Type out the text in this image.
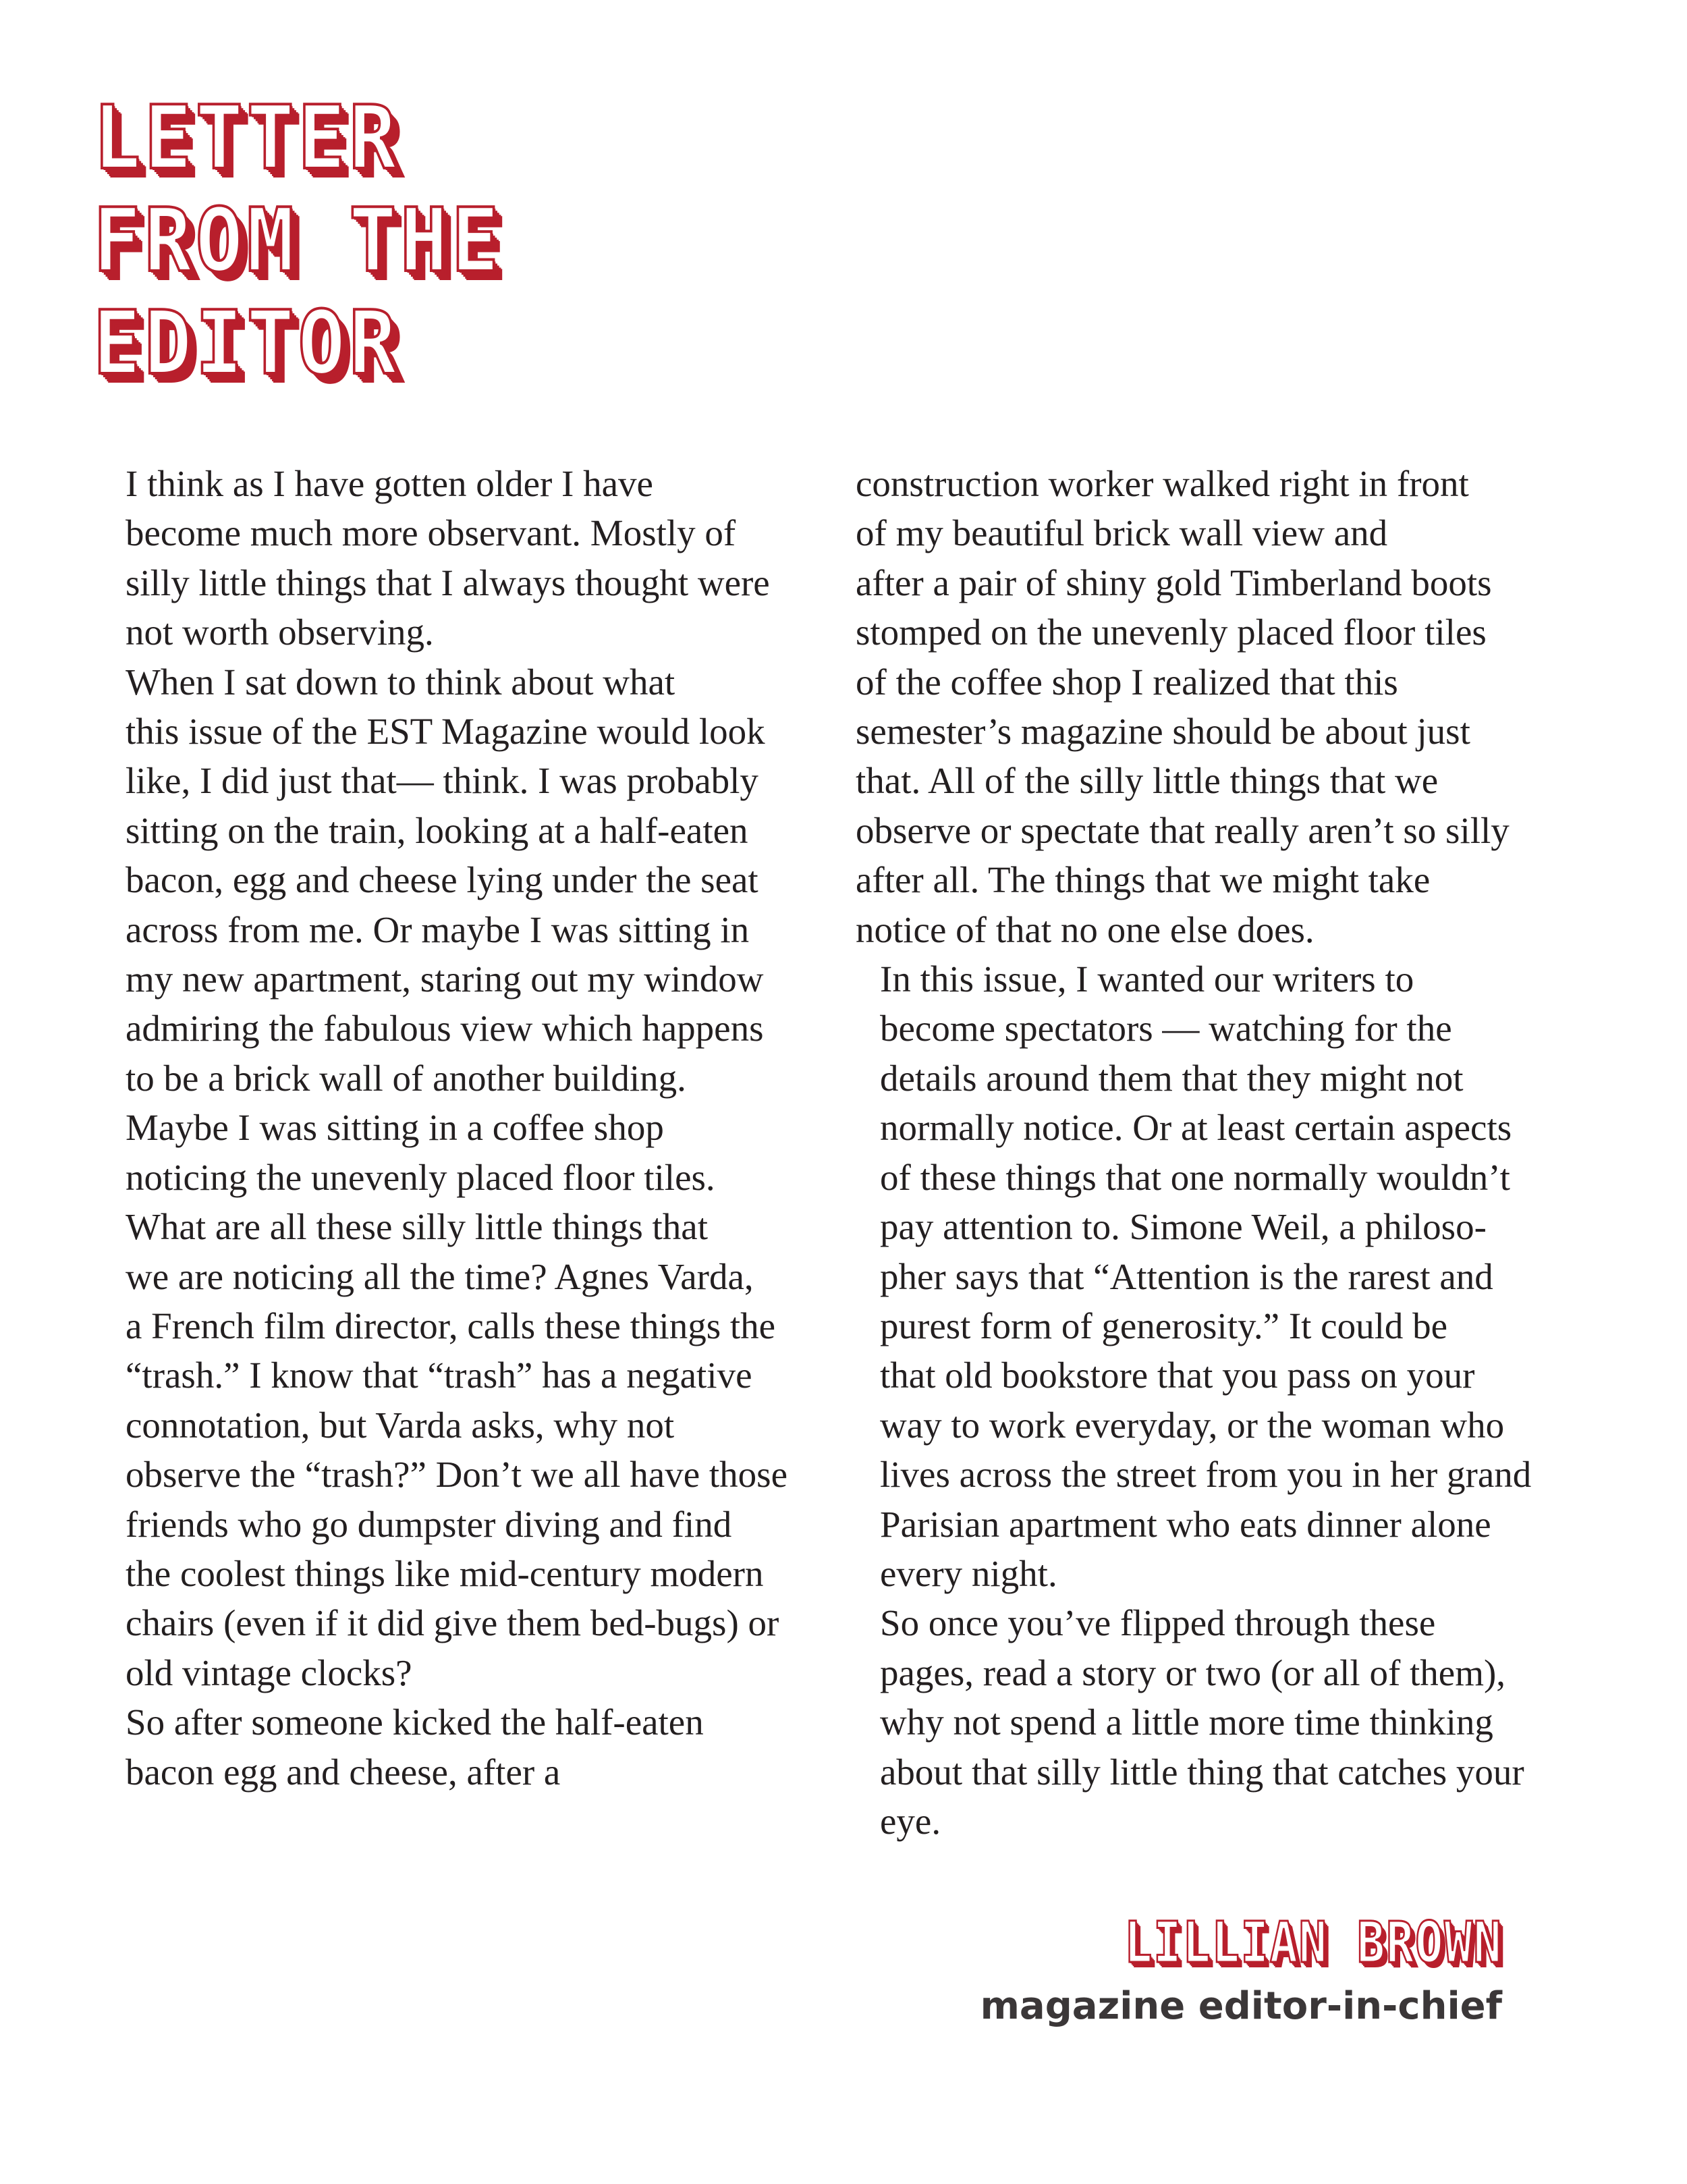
LETTER
FROM THE
EDITOR

I think as I have gotten older I have
become much more observant. Mostly of
silly little things that I always thought were
not worth observing.

When I sat down to think about what
this issue of the EST Magazine would look
like, I did just that— think. I was probably
sitting on the train, looking at a half-eaten
bacon, egg and cheese lying under the seat
across from me. Or maybe I was sitting in
my new apartment, staring out my window
admiring the fabulous view which happens
to be a brick wall of another building.
Maybe I was sitting in a coffee shop
noticing the unevenly placed floor tiles.

What are all these silly little things that
we are noticing all the time? Agnes Varda,
a French film director, calls these things the
“trash.” I know that “trash” has a negative
connotation, but Varda asks, why not
observe the “trash?” Don’t we all have those
friends who go dumpster diving and find
the coolest things like mid-century modern
chairs (even if it did give them bed-bugs) or
old vintage clocks?

So after someone kicked the half-eaten
bacon egg and cheese, after a

construction worker walked right in front
of my beautiful brick wall view and
after a pair of shiny gold Timberland boots
stomped on the unevenly placed floor tiles
of the coffee shop I realized that this
semester’s magazine should be about just
that. All of the silly little things that we
observe or spectate that really aren’t so silly
after all. The things that we might take
notice of that no one else does.

In this issue, I wanted our writers to
become spectators — watching for the
details around them that they might not
normally notice. Or at least certain aspects
of these things that one normally wouldn’t
pay attention to. Simone Weil, a philoso-
pher says that “Attention is the rarest and
purest form of generosity.” It could be
that old bookstore that you pass on your
way to work everyday, or the woman who
lives across the street from you in her grand
Parisian apartment who eats dinner alone
every night.

So once you’ve flipped through these
pages, read a story or two (or all of them),
why not spend a little more time thinking
about that silly little thing that catches your
eye.

LILLIAN BROWN
magazine editor-in-chief
